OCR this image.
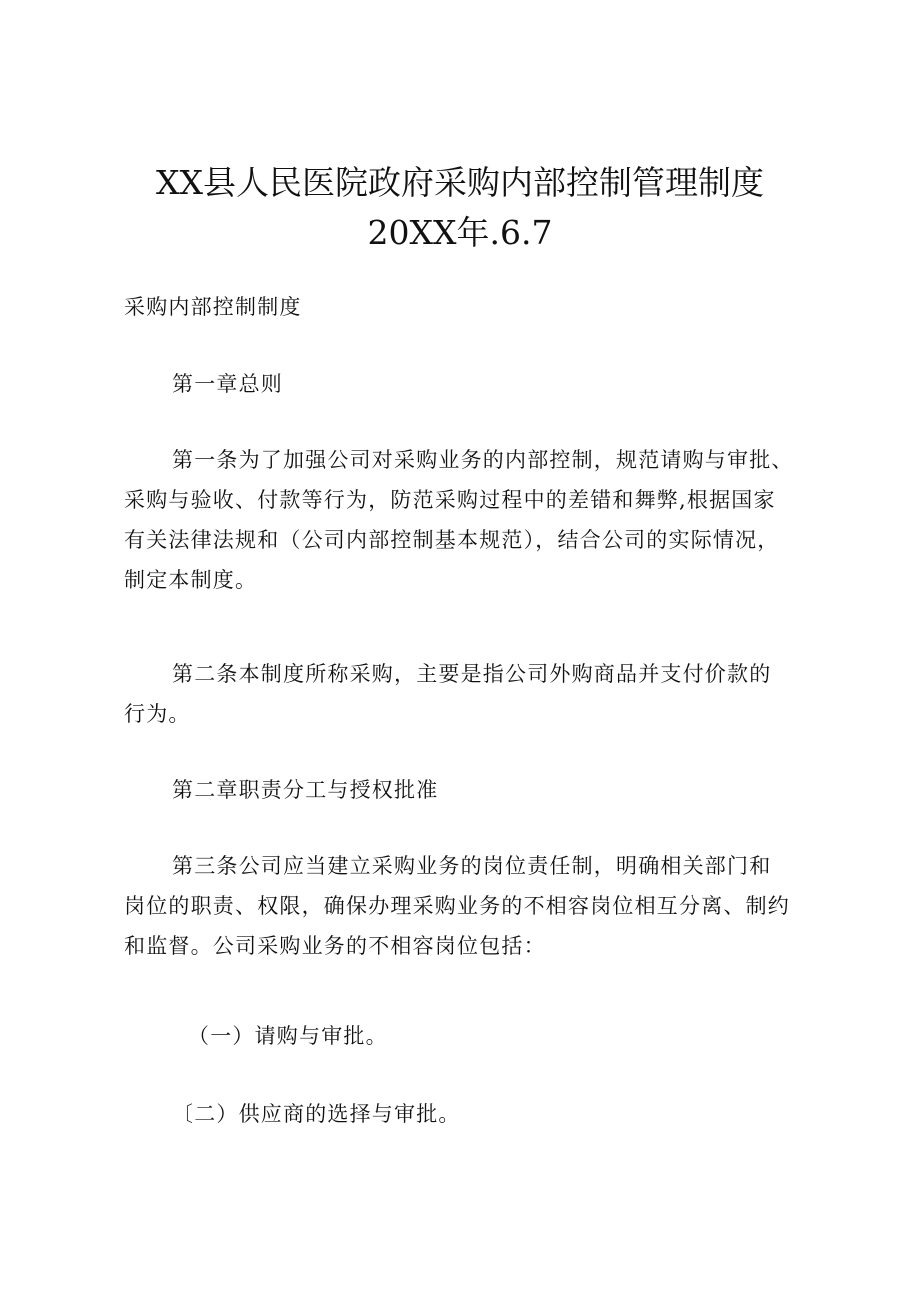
XX县人民医院政府采购内部控制管理制度
20XX年.6.7
采购内部控制制度
第一章总则
第一条为了加强公司对采购业务的内部控制，规范请购与审批、
采购与验收、付款等行为，防范采购过程中的差错和舞弊,根据国家
有关法律法规和（公司内部控制基本规范），结合公司的实际情况，
制定本制度。
第二条本制度所称采购，主要是指公司外购商品并支付价款的
行为。
第二章职责分工与授权批准
第三条公司应当建立采购业务的岗位责任制，明确相关部门和
岗位的职责、权限，确保办理采购业务的不相容岗位相互分离、制约
和监督。公司采购业务的不相容岗位包括：
（一）请购与审批。
〔二）供应商的选择与审批。
